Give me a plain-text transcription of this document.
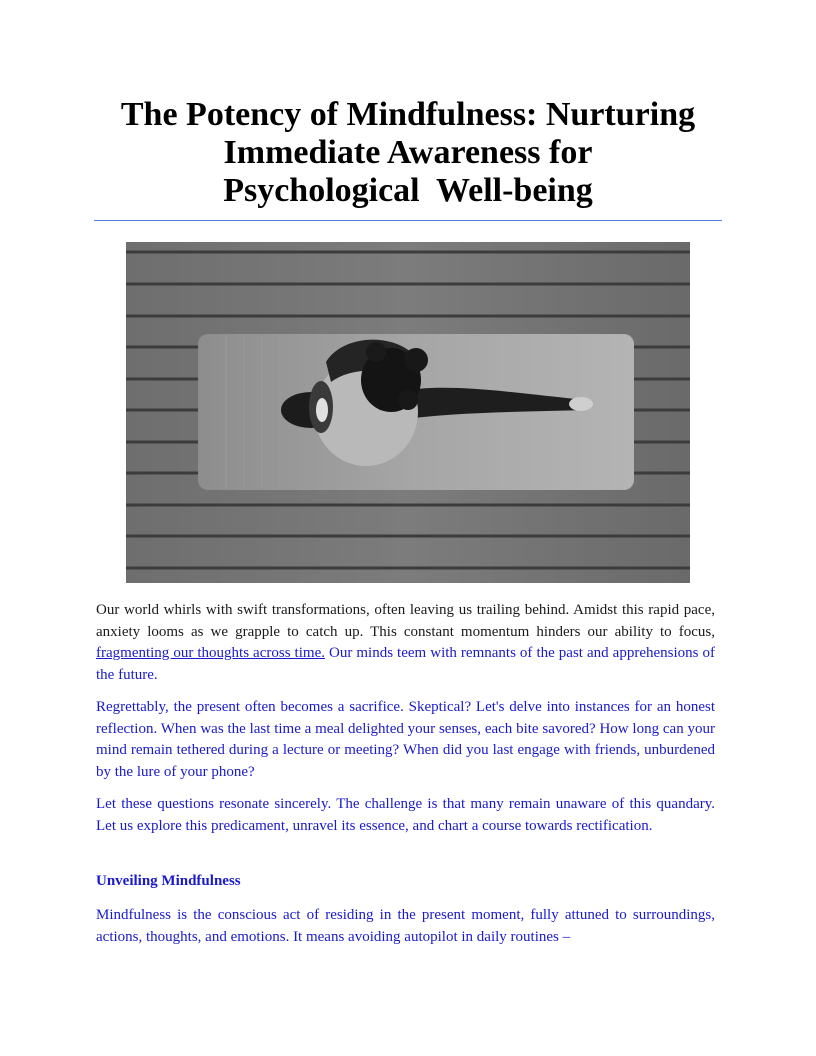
The Potency of Mindfulness: Nurturing
Immediate Awareness for
Psychological  Well-being

Our world whirls with swift transformations, often leaving us trailing behind. Amidst this rapid pace, anxiety looms as we grapple to catch up. This constant momentum hinders our ability to focus, fragmenting our thoughts across time. Our minds teem with remnants of the past and apprehensions of the future.

Regrettably, the present often becomes a sacrifice. Skeptical? Let's delve into instances for an honest reflection. When was the last time a meal delighted your senses, each bite savored? How long can your mind remain tethered during a lecture or meeting? When did you last engage with friends, unburdened by the lure of your phone?

Let these questions resonate sincerely. The challenge is that many remain unaware of this quandary. Let us explore this predicament, unravel its essence, and chart a course towards rectification.

Unveiling Mindfulness

Mindfulness is the conscious act of residing in the present moment, fully attuned to surroundings, actions, thoughts, and emotions. It means avoiding autopilot in daily routines –
